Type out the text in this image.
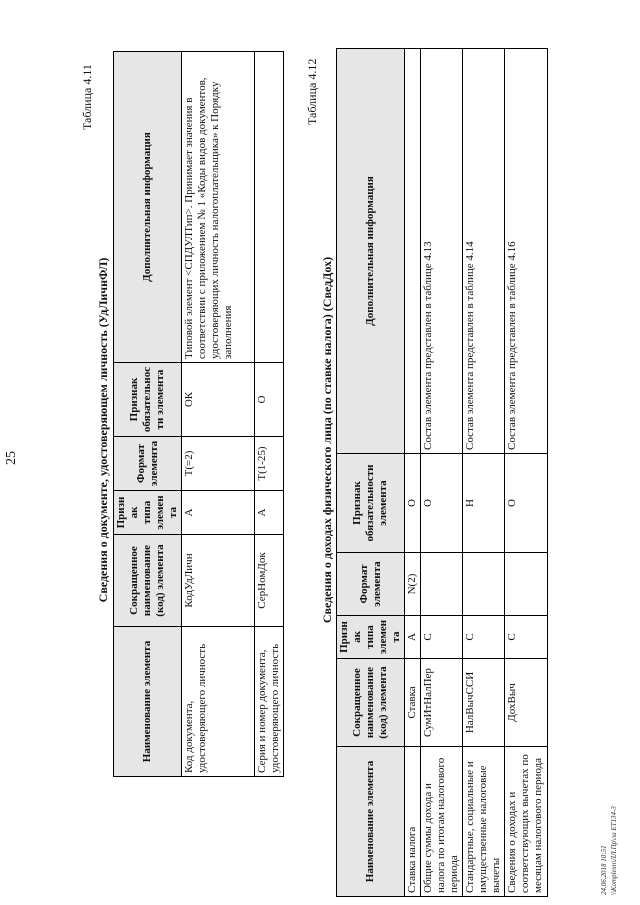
25
Таблица 4.11
Сведения о документе, удостоверяющем личность (УдЛичнФЛ)
Наименование элемента	Сокращенное наименование (код) элемента	Признак типа элемента	Формат элемента	Признак обязательности элемента	Дополнительная информация
Код документа, удостоверяющего личность	КодУдЛичн	А	T(=2)	ОК	Типовой элемент <СПДУЛТип>. Принимает значения в соответствии с приложением № 1 «Коды видов документов, удостоверяющих личность налогоплательщика» к Порядку заполнения
Серия и номер документа, удостоверяющего личность	СерНомДок	А	T(1-25)	О	
Таблица 4.12
Сведения о доходах физического лица (по ставке налога) (СведДох)
Наименование элемента	Сокращенное наименование (код) элемента	Признак типа элемента	Формат элемента	Признак обязательности элемента	Дополнительная информация
Ставка налога	Ставка	А	N(2)	О	
Общие суммы дохода и налога по итогам налогового периода	СумИтНалПер	С		О	Состав элемента представлен в таблице 4.13
Стандартные, социальные и имущественные налоговые вычеты	НалВычССИ	С		Н	Состав элемента представлен в таблице 4.14
Сведения о доходах и соответствующих вычетах по месяцам налогового периода	ДохВыч	С		О	Состав элемента представлен в таблице 4.16
24.06.2018 10:51 \\Komplexn\ЛЛ.Пр\ла ЕТ134-3
